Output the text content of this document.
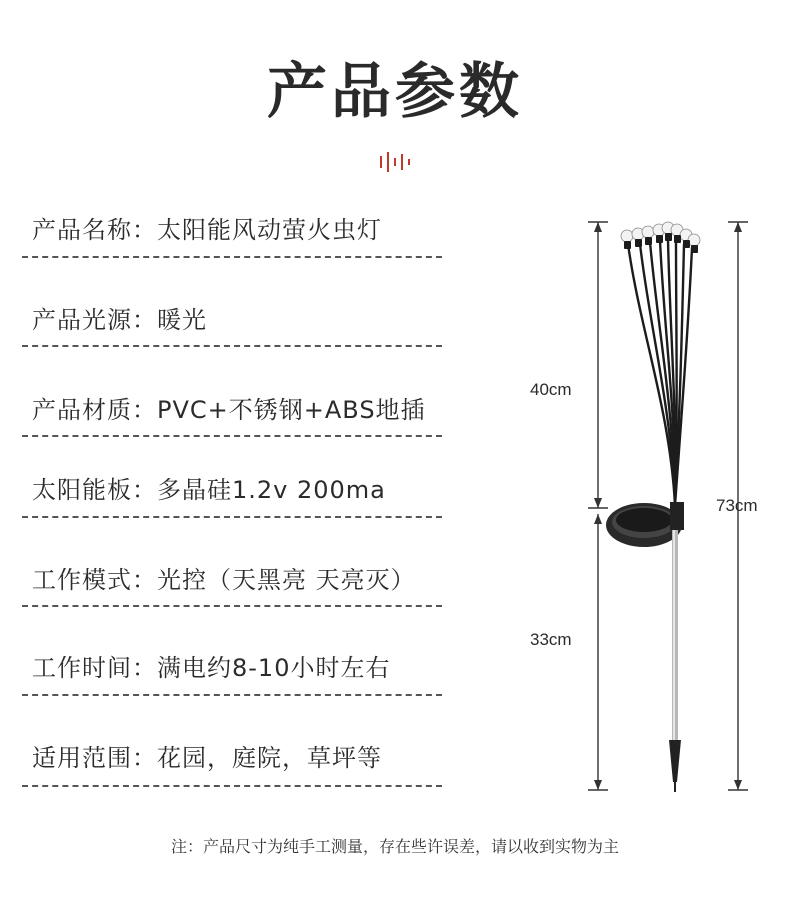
产品参数
产品名称：太阳能风动萤火虫灯
产品光源：暖光
产品材质：PVC+不锈钢+ABS地插
太阳能板：多晶硅1.2v 200ma
工作模式：光控（天黑亮 天亮灭）
工作时间：满电约8-10小时左右
适用范围：花园，庭院，草坪等
40cm
33cm
73cm
注：产品尺寸为纯手工测量，存在些许误差，请以收到实物为主
